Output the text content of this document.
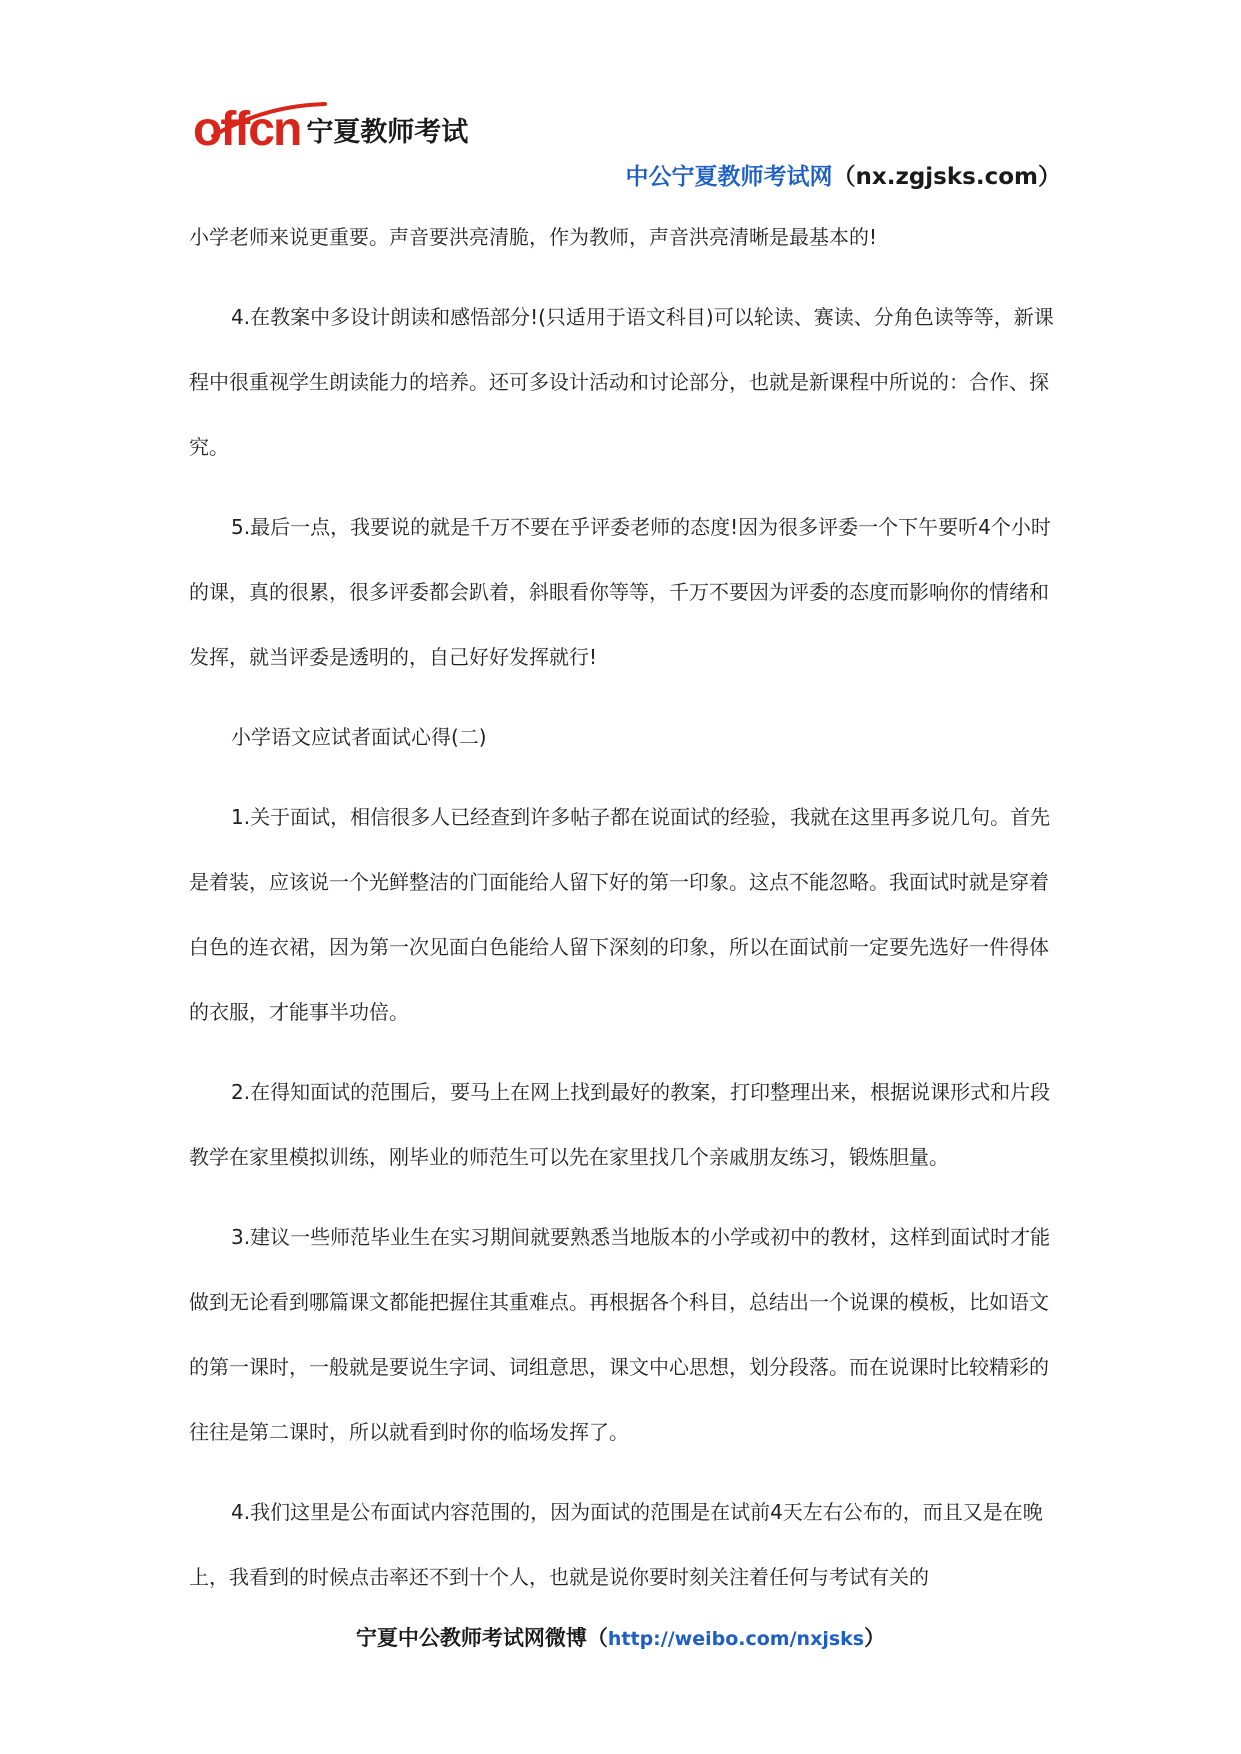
offcn 宁夏教师考试
中公宁夏教师考试网（nx.zgjsks.com）

小学老师来说更重要。声音要洪亮清脆，作为教师，声音洪亮清晰是最基本的!

4.在教案中多设计朗读和感悟部分!(只适用于语文科目)可以轮读、赛读、分角色读等等，新课程中很重视学生朗读能力的培养。还可多设计活动和讨论部分，也就是新课程中所说的：合作、探究。

5.最后一点，我要说的就是千万不要在乎评委老师的态度!因为很多评委一个下午要听4个小时的课，真的很累，很多评委都会趴着，斜眼看你等等，千万不要因为评委的态度而影响你的情绪和发挥，就当评委是透明的，自己好好发挥就行!

小学语文应试者面试心得(二)

1.关于面试，相信很多人已经查到许多帖子都在说面试的经验，我就在这里再多说几句。首先是着装，应该说一个光鲜整洁的门面能给人留下好的第一印象。这点不能忽略。我面试时就是穿着白色的连衣裙，因为第一次见面白色能给人留下深刻的印象，所以在面试前一定要先选好一件得体的衣服，才能事半功倍。

2.在得知面试的范围后，要马上在网上找到最好的教案，打印整理出来，根据说课形式和片段教学在家里模拟训练，刚毕业的师范生可以先在家里找几个亲戚朋友练习，锻炼胆量。

3.建议一些师范毕业生在实习期间就要熟悉当地版本的小学或初中的教材，这样到面试时才能做到无论看到哪篇课文都能把握住其重难点。再根据各个科目，总结出一个说课的模板，比如语文的第一课时，一般就是要说生字词、词组意思，课文中心思想，划分段落。而在说课时比较精彩的往往是第二课时，所以就看到时你的临场发挥了。

4.我们这里是公布面试内容范围的，因为面试的范围是在试前4天左右公布的，而且又是在晚上，我看到的时候点击率还不到十个人，也就是说你要时刻关注着任何与考试有关的

宁夏中公教师考试网微博（http://weibo.com/nxjsks）
